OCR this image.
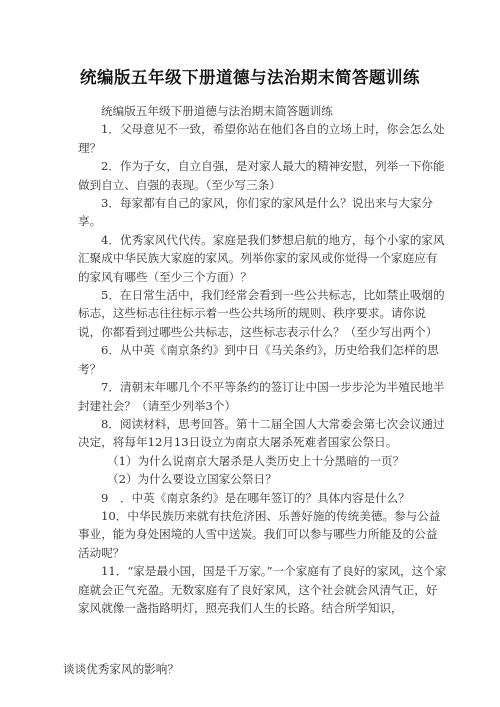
统编版五年级下册道德与法治期末简答题训练

统编版五年级下册道德与法治期末简答题训练

1．父母意见不一致，希望你站在他们各自的立场上时，你会怎么处理？

2．作为子女，自立自强，是对家人最大的精神安慰，列举一下你能做到自立、自强的表现。（至少写三条）

3．每家都有自己的家风，你们家的家风是什么？说出来与大家分享。

4．优秀家风代代传。家庭是我们梦想启航的地方，每个小家的家风汇聚成中华民族大家庭的家风。列举你家的家风或你觉得一个家庭应有的家风有哪些（至少三个方面）？

5．在日常生活中，我们经常会看到一些公共标志，比如禁止吸烟的标志，这些标志往往标示着一些公共场所的规则、秩序要求。请你说说，你都看到过哪些公共标志，这些标志表示什么？（至少写出两个）

6．从中英《南京条约》到中日《马关条约》，历史给我们怎样的思考？

7．清朝末年哪几个不平等条约的签订让中国一步步沦为半殖民地半封建社会？（请至少列举3个）

8．阅读材料，思考回答。第十二届全国人大常委会第七次会议通过决定，将每年12月13日设立为南京大屠杀死难者国家公祭日。

（1）为什么说南京大屠杀是人类历史上十分黑暗的一页？

（2）为什么要设立国家公祭日？

9　．中英《南京条约》是在哪年签订的？具体内容是什么？

10．中华民族历来就有扶危济困、乐善好施的传统美德。参与公益事业，能为身处困境的人雪中送炭。我们可以参与哪些力所能及的公益活动呢？

11．“家是最小国，国是千万家。”一个家庭有了良好的家风，这个家庭就会正气充盈。无数家庭有了良好家风，这个社会就会风清气正，好家风就像一盏指路明灯，照亮我们人生的长路。结合所学知识，

谈谈优秀家风的影响？
